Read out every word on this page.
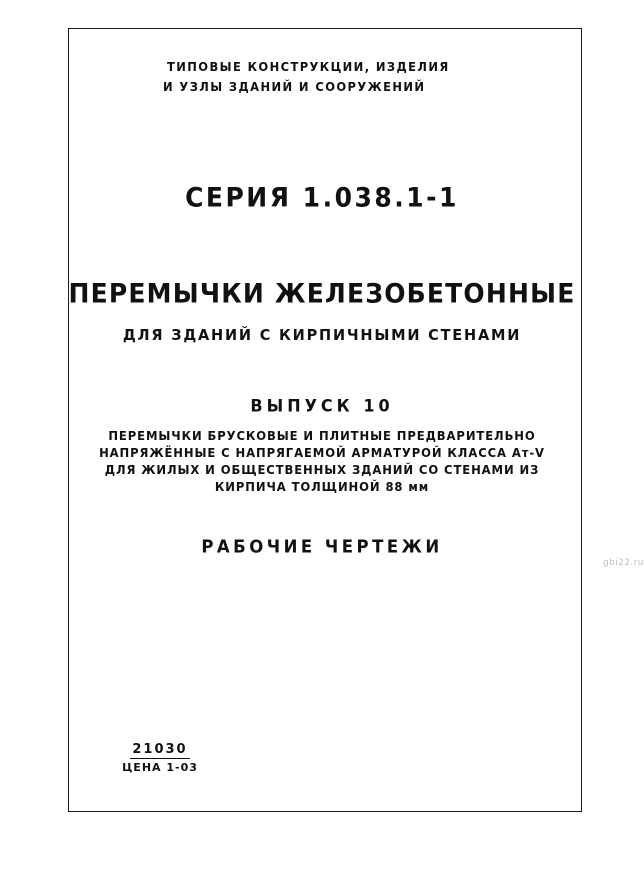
ТИПОВЫЕ КОНСТРУКЦИИ, ИЗДЕЛИЯ
И УЗЛЫ ЗДАНИЙ И СООРУЖЕНИЙ
СЕРИЯ 1.038.1-1
ПЕРЕМЫЧКИ ЖЕЛЕЗОБЕТОННЫЕ
ДЛЯ ЗДАНИЙ С КИРПИЧНЫМИ СТЕНАМИ
ВЫПУСК 10
ПЕРЕМЫЧКИ БРУСКОВЫЕ И ПЛИТНЫЕ ПРЕДВАРИТЕЛЬНО
НАПРЯЖЁННЫЕ С НАПРЯГАЕМОЙ АРМАТУРОЙ КЛАССА Ат-V
ДЛЯ ЖИЛЫХ И ОБЩЕСТВЕННЫХ ЗДАНИЙ СО СТЕНАМИ ИЗ
КИРПИЧА ТОЛЩИНОЙ 88 мм
РАБОЧИЕ ЧЕРТЕЖИ
21030
ЦЕНА 1-03
gbi22.ru
